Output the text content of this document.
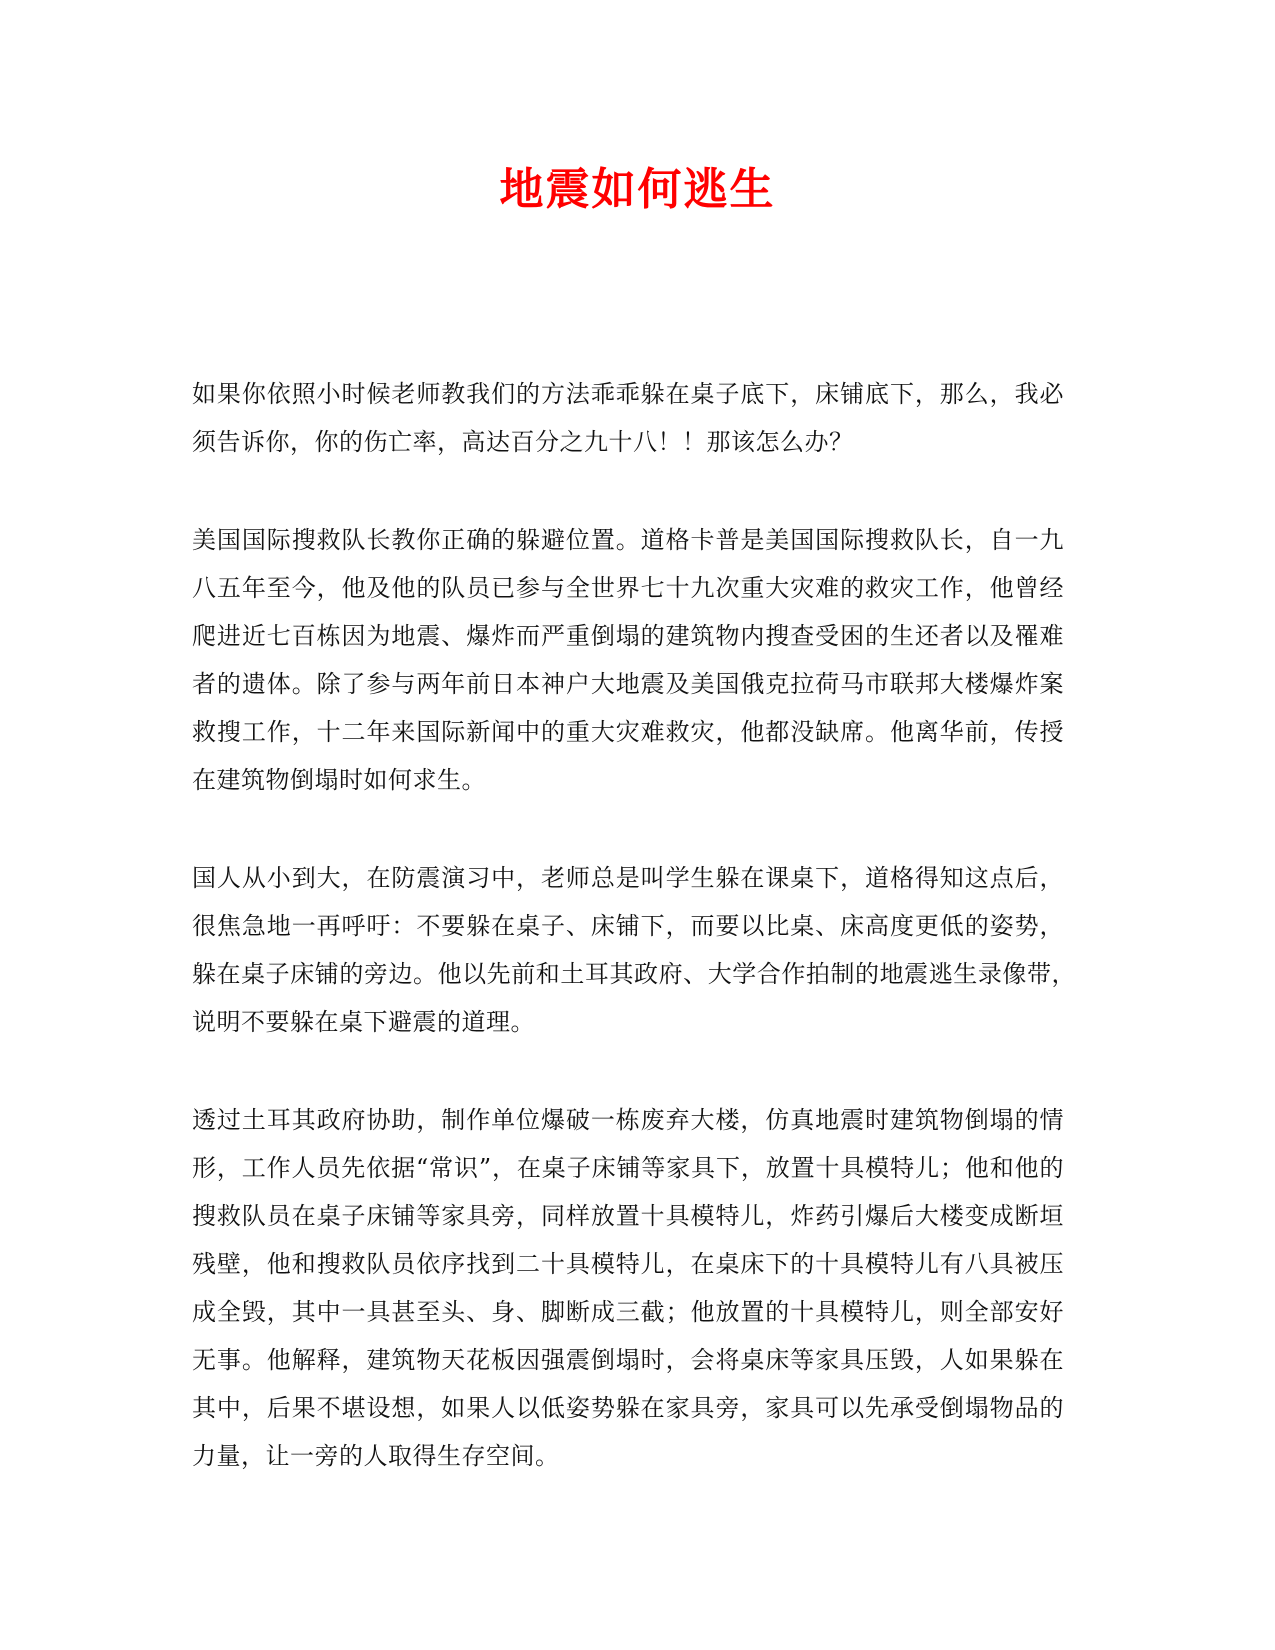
地震如何逃生

如果你依照小时候老师教我们的方法乖乖躲在桌子底下，床铺底下，那么，我必须告诉你，你的伤亡率，高达百分之九十八！！那该怎么办？

美国国际搜救队长教你正确的躲避位置。道格卡普是美国国际搜救队长，自一九八五年至今，他及他的队员已参与全世界七十九次重大灾难的救灾工作，他曾经爬进近七百栋因为地震、爆炸而严重倒塌的建筑物内搜查受困的生还者以及罹难者的遗体。除了参与两年前日本神户大地震及美国俄克拉荷马市联邦大楼爆炸案救搜工作，十二年来国际新闻中的重大灾难救灾，他都没缺席。他离华前，传授在建筑物倒塌时如何求生。

国人从小到大，在防震演习中，老师总是叫学生躲在课桌下，道格得知这点后，很焦急地一再呼吁：不要躲在桌子、床铺下，而要以比桌、床高度更低的姿势，躲在桌子床铺的旁边。他以先前和土耳其政府、大学合作拍制的地震逃生录像带，　说明不要躲在桌下避震的道理。

透过土耳其政府协助，制作单位爆破一栋废弃大楼，仿真地震时建筑物倒塌的情形，工作人员先依据“常识”，在桌子床铺等家具下，放置十具模特儿；他和他的搜救队员在桌子床铺等家具旁，同样放置十具模特儿，炸药引爆后大楼变成断垣残壁，他和搜救队员依序找到二十具模特儿，在桌床下的十具模特儿有八具被压成全毁，其中一具甚至头、身、脚断成三截；他放置的十具模特儿，则全部安好无事。他解释，建筑物天花板因强震倒塌时，会将桌床等家具压毁，人如果躲在其中，后果不堪设想，如果人以低姿势躲在家具旁，家具可以先承受倒塌物品的力量，让一旁的人取得生存空间。
